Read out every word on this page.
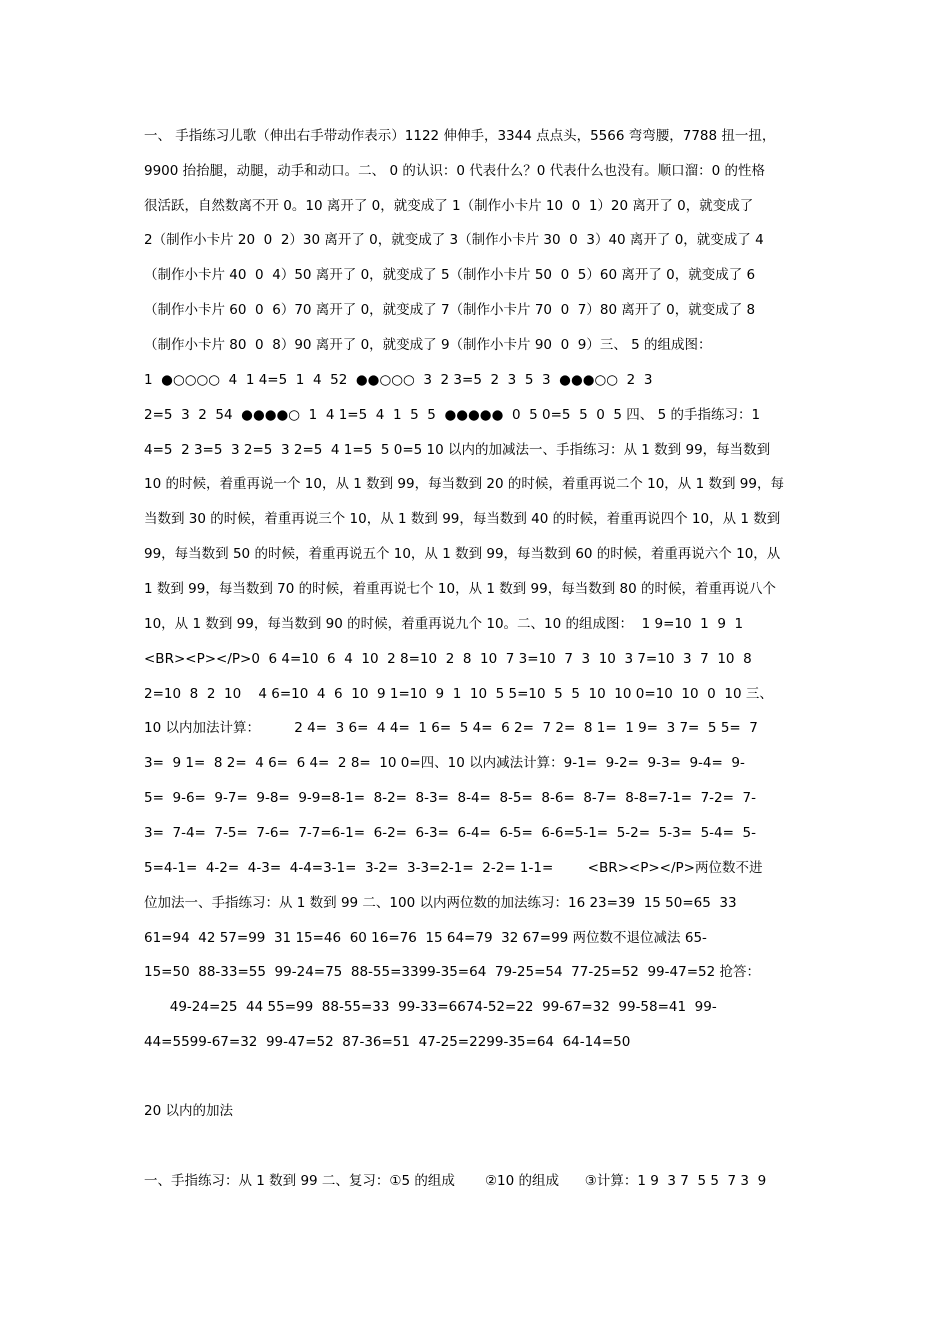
一、 手指练习儿歌（伸出右手带动作表示）1122 伸伸手，3344 点点头，5566 弯弯腰，7788 扭一扭，
9900 抬抬腿，动腿，动手和动口。二、 0 的认识：0 代表什么？0 代表什么也没有。顺口溜：0 的性格
很活跃，自然数离不开 0。10 离开了 0，就变成了 1（制作小卡片 10  0  1）20 离开了 0，就变成了
2（制作小卡片 20  0  2）30 离开了 0，就变成了 3（制作小卡片 30  0  3）40 离开了 0，就变成了 4
（制作小卡片 40  0  4）50 离开了 0，就变成了 5（制作小卡片 50  0  5）60 离开了 0，就变成了 6
（制作小卡片 60  0  6）70 离开了 0，就变成了 7（制作小卡片 70  0  7）80 离开了 0，就变成了 8
（制作小卡片 80  0  8）90 离开了 0，就变成了 9（制作小卡片 90  0  9）三、 5 的组成图：
1  ●○○○○  4  1 4=5  1  4  52  ●●○○○  3  2 3=5  2  3  5  3  ●●●○○  2  3
2=5  3  2  54  ●●●●○  1  4 1=5  4  1  5  5  ●●●●●  0  5 0=5  5  0  5 四、 5 的手指练习：1
4=5  2 3=5  3 2=5  3 2=5  4 1=5  5 0=5 10 以内的加减法一、手指练习：从 1 数到 99，每当数到
10 的时候，着重再说一个 10，从 1 数到 99，每当数到 20 的时候，着重再说二个 10，从 1 数到 99，每
当数到 30 的时候，着重再说三个 10，从 1 数到 99，每当数到 40 的时候，着重再说四个 10，从 1 数到
99，每当数到 50 的时候，着重再说五个 10，从 1 数到 99，每当数到 60 的时候，着重再说六个 10，从
1 数到 99，每当数到 70 的时候，着重再说七个 10，从 1 数到 99，每当数到 80 的时候，着重再说八个
10，从 1 数到 99，每当数到 90 的时候，着重再说九个 10。二、10 的组成图：  1 9=10  1  9  1
<BR><P></P>0  6 4=10  6  4  10  2 8=10  2  8  10  7 3=10  7  3  10  3 7=10  3  7  10  8
2=10  8  2  10    4 6=10  4  6  10  9 1=10  9  1  10  5 5=10  5  5  10  10 0=10  10  0  10 三、
10 以内加法计算：        2 4=  3 6=  4 4=  1 6=  5 4=  6 2=  7 2=  8 1=  1 9=  3 7=  5 5=  7
3=  9 1=  8 2=  4 6=  6 4=  2 8=  10 0=四、10 以内减法计算：9-1=  9-2=  9-3=  9-4=  9-
5=  9-6=  9-7=  9-8=  9-9=8-1=  8-2=  8-3=  8-4=  8-5=  8-6=  8-7=  8-8=7-1=  7-2=  7-
3=  7-4=  7-5=  7-6=  7-7=6-1=  6-2=  6-3=  6-4=  6-5=  6-6=5-1=  5-2=  5-3=  5-4=  5-
5=4-1=  4-2=  4-3=  4-4=3-1=  3-2=  3-3=2-1=  2-2= 1-1=        <BR><P></P>两位数不进
位加法一、手指练习：从 1 数到 99 二、100 以内两位数的加法练习：16 23=39  15 50=65  33
61=94  42 57=99  31 15=46  60 16=76  15 64=79  32 67=99 两位数不退位减法 65-
15=50  88-33=55  99-24=75  88-55=3399-35=64  79-25=54  77-25=52  99-47=52 抢答：
49-24=25  44 55=99  88-55=33  99-33=6674-52=22  99-67=32  99-58=41  99-
44=5599-67=32  99-47=52  87-36=51  47-25=2299-35=64  64-14=50
20 以内的加法
一、手指练习：从 1 数到 99 二、复习：①5 的组成       ②10 的组成      ③计算：1 9  3 7  5 5  7 3  9
